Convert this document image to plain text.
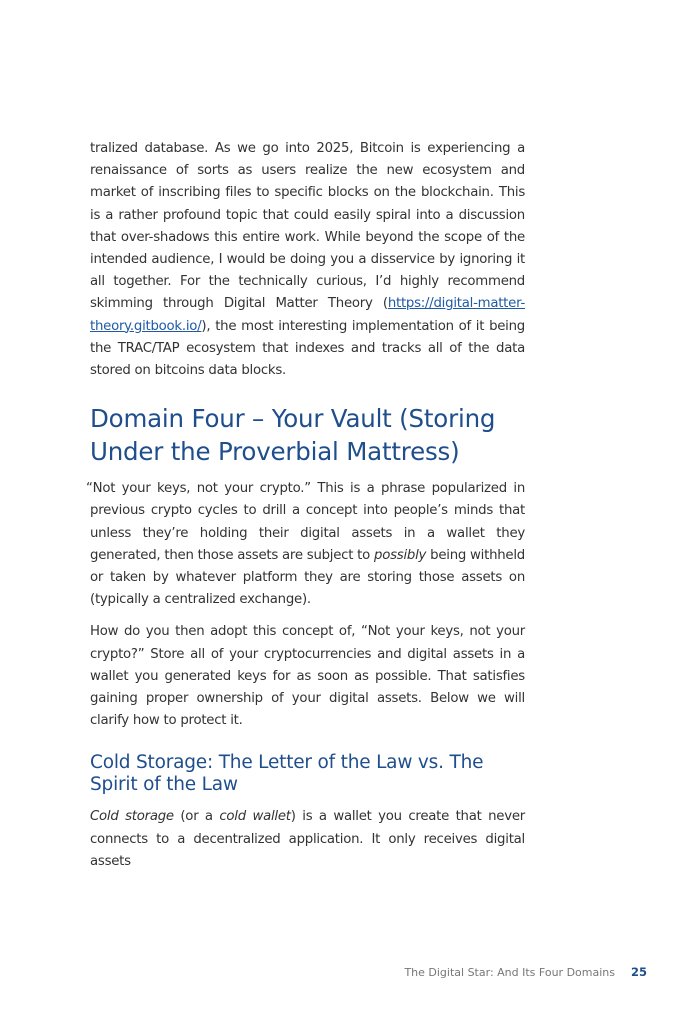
tralized database. As we go into 2025, Bitcoin is experiencing a renaissance of sorts as users realize the new ecosystem and market of inscribing files to specific blocks on the blockchain. This is a rather profound topic that could easily spiral into a discussion that over-shadows this entire work. While beyond the scope of the intended audience, I would be doing you a disservice by ignoring it all together. For the technically curious, I’d highly recommend skimming through Digital Matter Theory (https://digital-matter-theory.gitbook.io/), the most interesting implementation of it being the TRAC/TAP ecosystem that indexes and tracks all of the data stored on bitcoins data blocks.

Domain Four – Your Vault (Storing Under the Proverbial Mattress)

“Not your keys, not your crypto.” This is a phrase popularized in previous crypto cycles to drill a concept into people’s minds that unless they’re holding their digital assets in a wallet they generated, then those assets are subject to possibly being withheld or taken by whatever platform they are storing those assets on (typically a centralized exchange).

How do you then adopt this concept of, “Not your keys, not your crypto?” Store all of your cryptocurrencies and digital assets in a wallet you generated keys for as soon as possible. That satisfies gaining proper ownership of your digital assets. Below we will clarify how to protect it.

Cold Storage: The Letter of the Law vs. The Spirit of the Law

Cold storage (or a cold wallet) is a wallet you create that never connects to a decentralized application. It only receives digital assets

The Digital Star: And Its Four Domains 25
